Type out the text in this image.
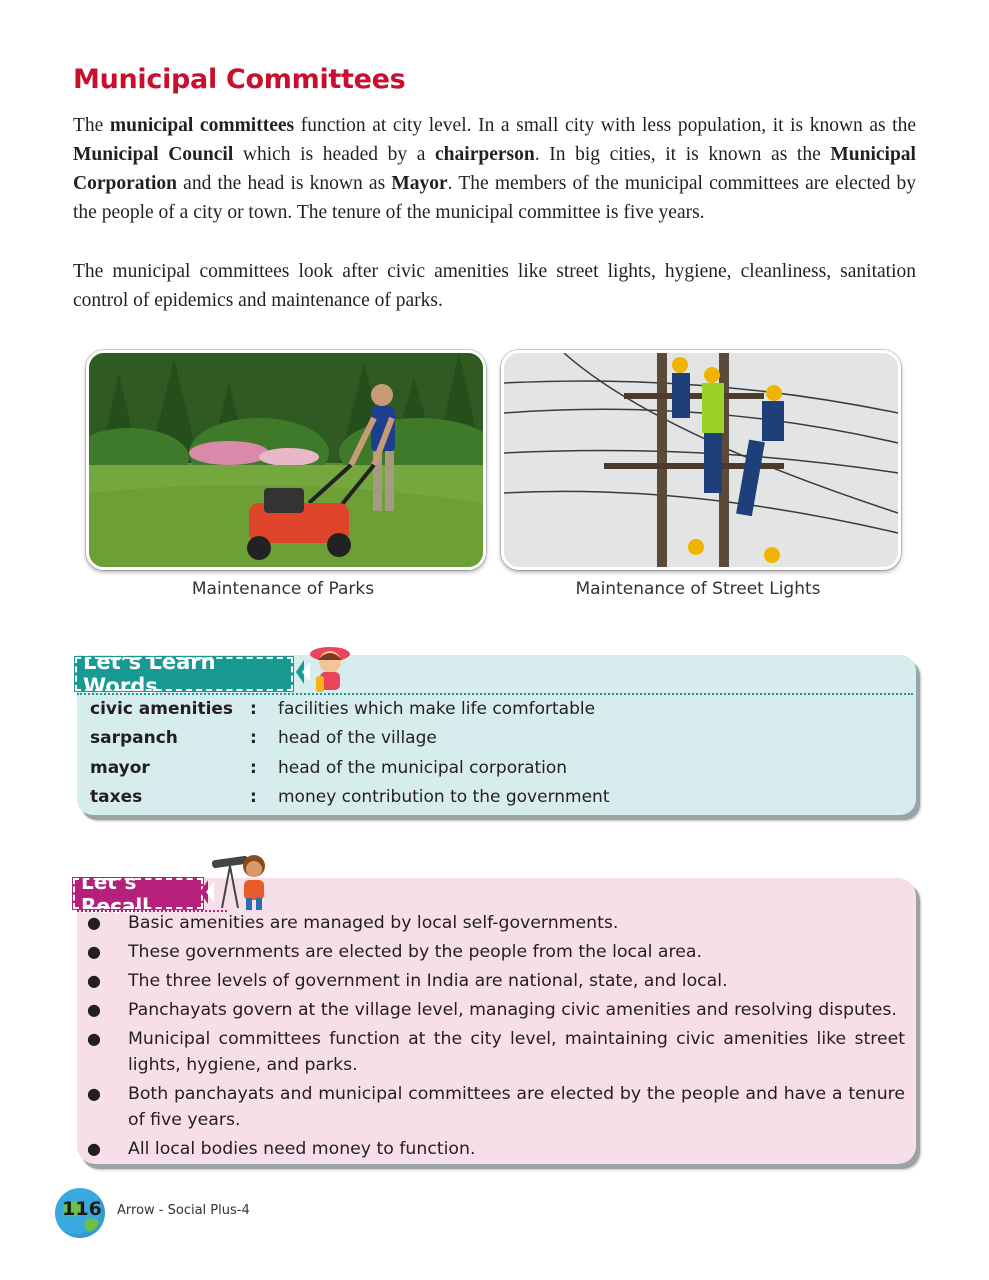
Municipal Committees

The municipal committees function at city level. In a small city with less population, it is known as the Municipal Council which is headed by a chairperson. In big cities, it is known as the Municipal Corporation and the head is known as Mayor. The members of the municipal committees are elected by the people of a city or town. The tenure of the municipal committee is five years.

The municipal committees look after civic amenities like street lights, hygiene, cleanliness, sanitation control of epidemics and maintenance of parks.

Maintenance of Parks	Maintenance of Street Lights
Let’s Learn Words
civic amenities :	facilities which make life comfortable
sarpanch	:	head of the village
mayor	:	head of the municipal corporation
taxes	:	money contribution to the government
Let’s Recall
● Basic amenities are managed by local self-governments.
● These governments are elected by the people from the local area.
● The three levels of government in India are national, state, and local.
● Panchayats govern at the village level, managing civic amenities and resolving disputes.
● Municipal committees function at the city level, maintaining civic amenities like street lights, hygiene, and parks.
● Both panchayats and municipal committees are elected by the people and have a tenure of five years.
● All local bodies need money to function.
116	Arrow - Social Plus-4
